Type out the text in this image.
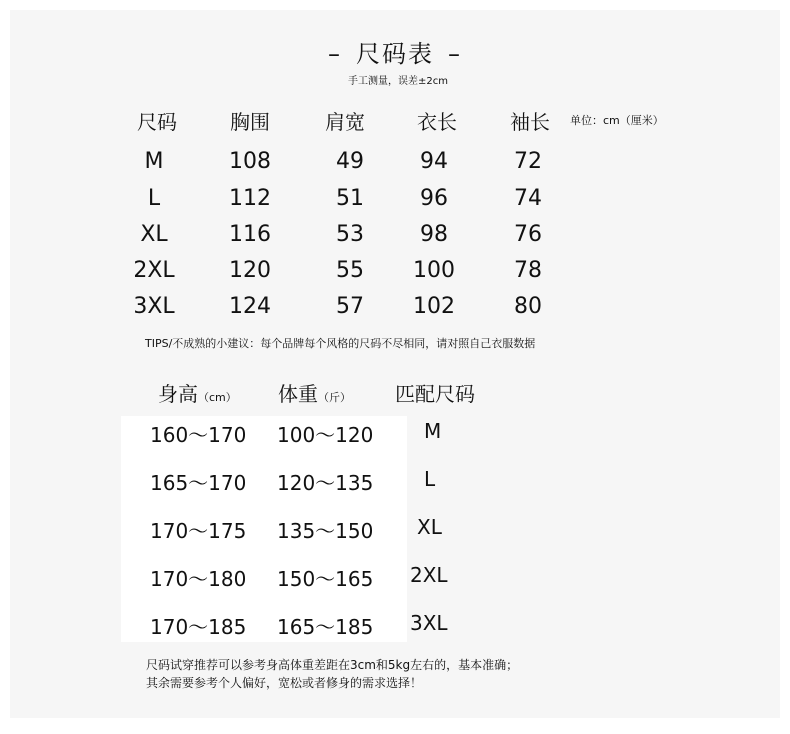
– 尺码表 –
手工测量，误差±2cm
尺码	胸围	肩宽	衣长	袖长 单位：cm（厘米）
M	108	49	94	72
L	112	51	96	74
XL	116	53	98	76
2XL	120	55	100	78
3XL	124	57	102	80
TIPS/不成熟的小建议：每个品牌每个风格的尺码不尽相同，请对照自己衣服数据
身高（cm） 体重（斤） 匹配尺码
160～170 100～120	M
165～170 120～135	L
170～175 135～150 XL
170～180 150～165 2XL
170～185 165～185 3XL
尺码试穿推荐可以参考身高体重差距在3cm和5kg左右的，基本准确；
其余需要参考个人偏好，宽松或者修身的需求选择！
